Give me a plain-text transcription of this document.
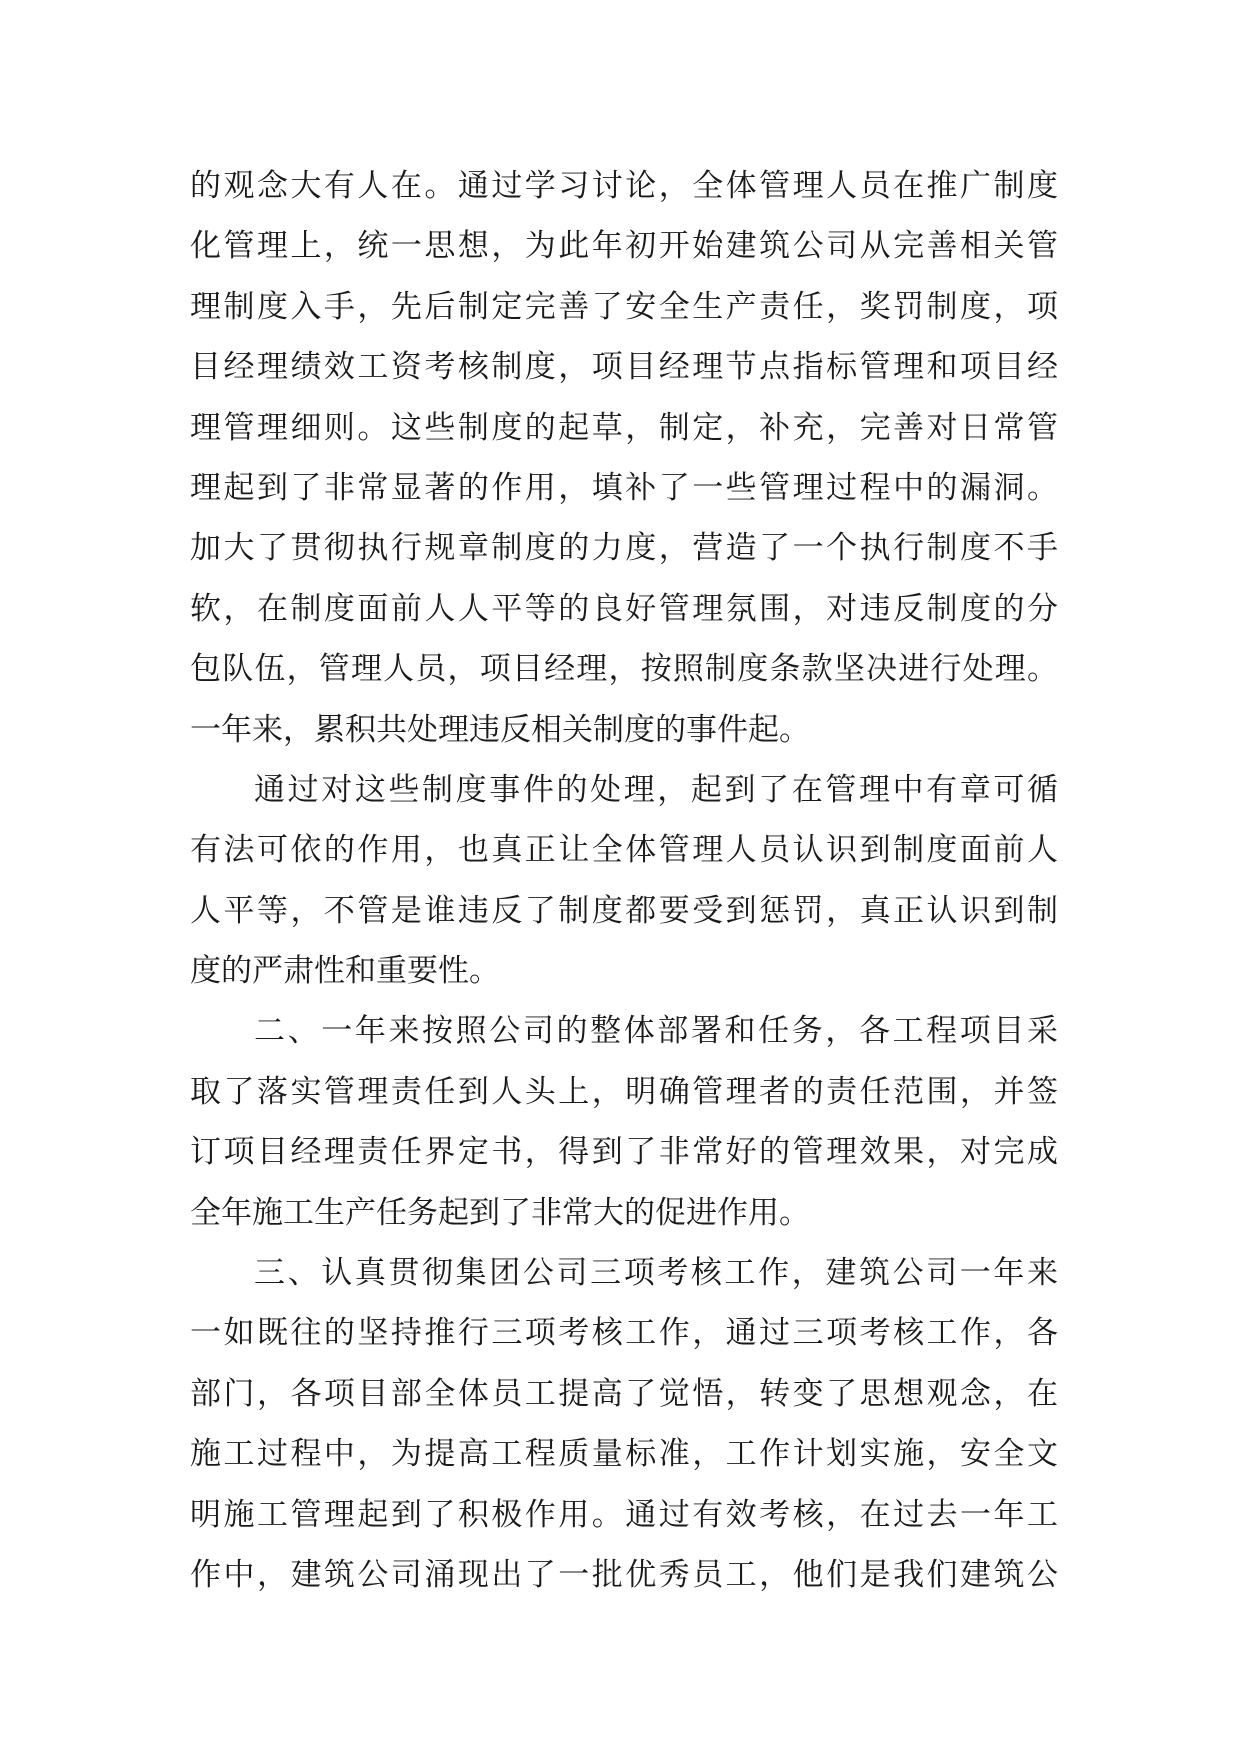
的观念大有人在。通过学习讨论，全体管理人员在推广制度
化管理上，统一思想，为此年初开始建筑公司从完善相关管
理制度入手，先后制定完善了安全生产责任，奖罚制度，项
目经理绩效工资考核制度，项目经理节点指标管理和项目经
理管理细则。这些制度的起草，制定，补充，完善对日常管
理起到了非常显著的作用，填补了一些管理过程中的漏洞。
加大了贯彻执行规章制度的力度，营造了一个执行制度不手
软，在制度面前人人平等的良好管理氛围，对违反制度的分
包队伍，管理人员，项目经理，按照制度条款坚决进行处理。
一年来，累积共处理违反相关制度的事件起。
通过对这些制度事件的处理，起到了在管理中有章可循
有法可依的作用，也真正让全体管理人员认识到制度面前人
人平等，不管是谁违反了制度都要受到惩罚，真正认识到制
度的严肃性和重要性。
二、一年来按照公司的整体部署和任务，各工程项目采
取了落实管理责任到人头上，明确管理者的责任范围，并签
订项目经理责任界定书，得到了非常好的管理效果，对完成
全年施工生产任务起到了非常大的促进作用。
三、认真贯彻集团公司三项考核工作，建筑公司一年来
一如既往的坚持推行三项考核工作，通过三项考核工作，各
部门，各项目部全体员工提高了觉悟，转变了思想观念，在
施工过程中，为提高工程质量标准，工作计划实施，安全文
明施工管理起到了积极作用。通过有效考核，在过去一年工
作中，建筑公司涌现出了一批优秀员工，他们是我们建筑公
